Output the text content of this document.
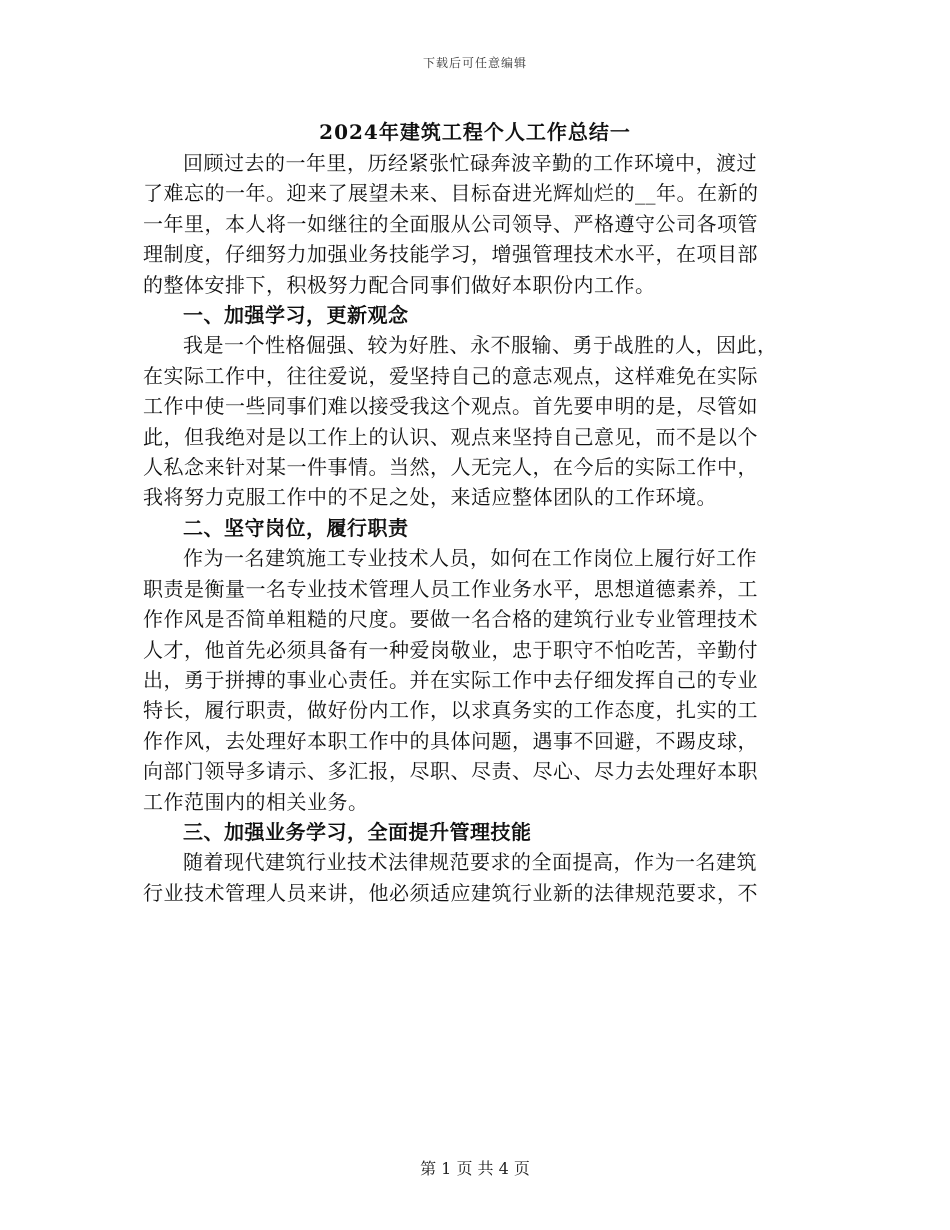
下载后可任意编辑
2024年建筑工程个人工作总结一
回顾过去的一年里，历经紧张忙碌奔波辛勤的工作环境中，渡过
了难忘的一年。迎来了展望未来、目标奋进光辉灿烂的__年。在新的
一年里，本人将一如继往的全面服从公司领导、严格遵守公司各项管
理制度，仔细努力加强业务技能学习，增强管理技术水平，在项目部
的整体安排下，积极努力配合同事们做好本职份内工作。
一、加强学习，更新观念
我是一个性格倔强、较为好胜、永不服输、勇于战胜的人，因此，
在实际工作中，往往爱说，爱坚持自己的意志观点，这样难免在实际
工作中使一些同事们难以接受我这个观点。首先要申明的是，尽管如
此，但我绝对是以工作上的认识、观点来坚持自己意见，而不是以个
人私念来针对某一件事情。当然，人无完人，在今后的实际工作中，
我将努力克服工作中的不足之处，来适应整体团队的工作环境。
二、坚守岗位，履行职责
作为一名建筑施工专业技术人员，如何在工作岗位上履行好工作
职责是衡量一名专业技术管理人员工作业务水平，思想道德素养，工
作作风是否简单粗糙的尺度。要做一名合格的建筑行业专业管理技术
人才，他首先必须具备有一种爱岗敬业，忠于职守不怕吃苦，辛勤付
出，勇于拼搏的事业心责任。并在实际工作中去仔细发挥自己的专业
特长，履行职责，做好份内工作，以求真务实的工作态度，扎实的工
作作风，去处理好本职工作中的具体问题，遇事不回避，不踢皮球，
向部门领导多请示、多汇报，尽职、尽责、尽心、尽力去处理好本职
工作范围内的相关业务。
三、加强业务学习，全面提升管理技能
随着现代建筑行业技术法律规范要求的全面提高，作为一名建筑
行业技术管理人员来讲，他必须适应建筑行业新的法律规范要求，不
第 1 页 共 4 页
